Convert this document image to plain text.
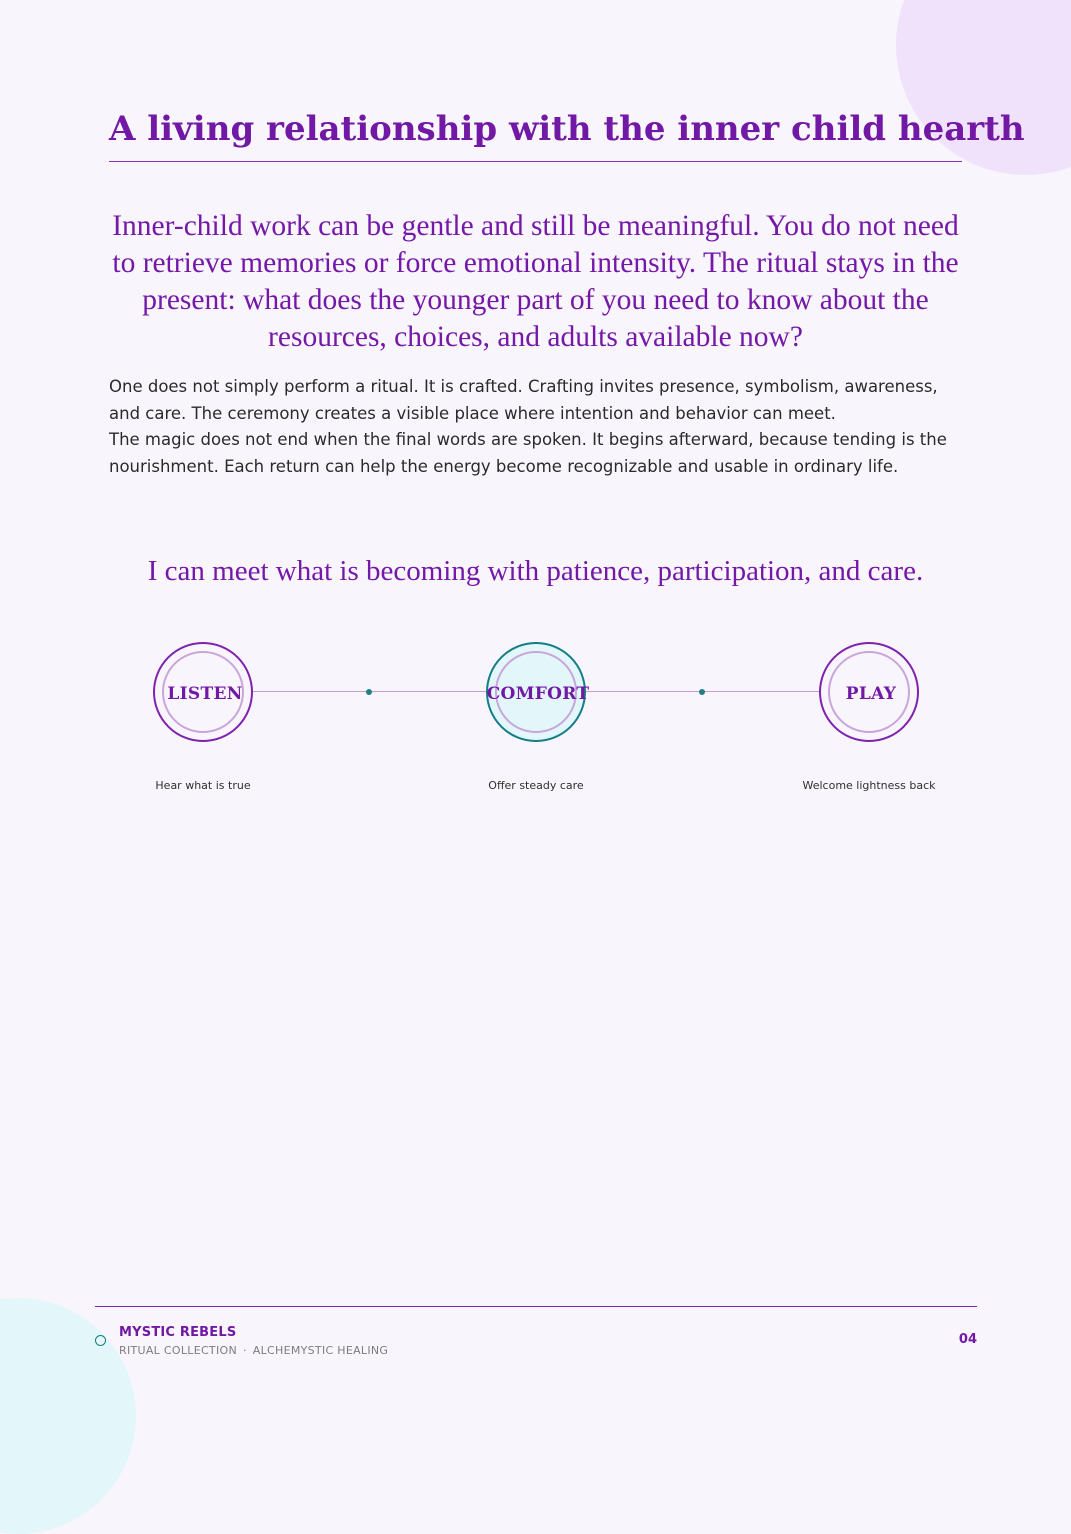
A living relationship with the inner child hearth

Inner-child work can be gentle and still be meaningful. You do not need to retrieve memories or force emotional intensity. The ritual stays in the present: what does the younger part of you need to know about the resources, choices, and adults available now?

One does not simply perform a ritual. It is crafted. Crafting invites presence, symbolism, awareness, and care. The ceremony creates a visible place where intention and behavior can meet.

The magic does not end when the final words are spoken. It begins afterward, because tending is the nourishment. Each return can help the energy become recognizable and usable in ordinary life.

I can meet what is becoming with patience, participation, and care.

LISTEN	COMFORT	PLAY
Hear what is true	Offer steady care	Welcome lightness back
MYSTIC REBELS
RITUAL COLLECTION · ALCHEMYSTIC HEALING
04
